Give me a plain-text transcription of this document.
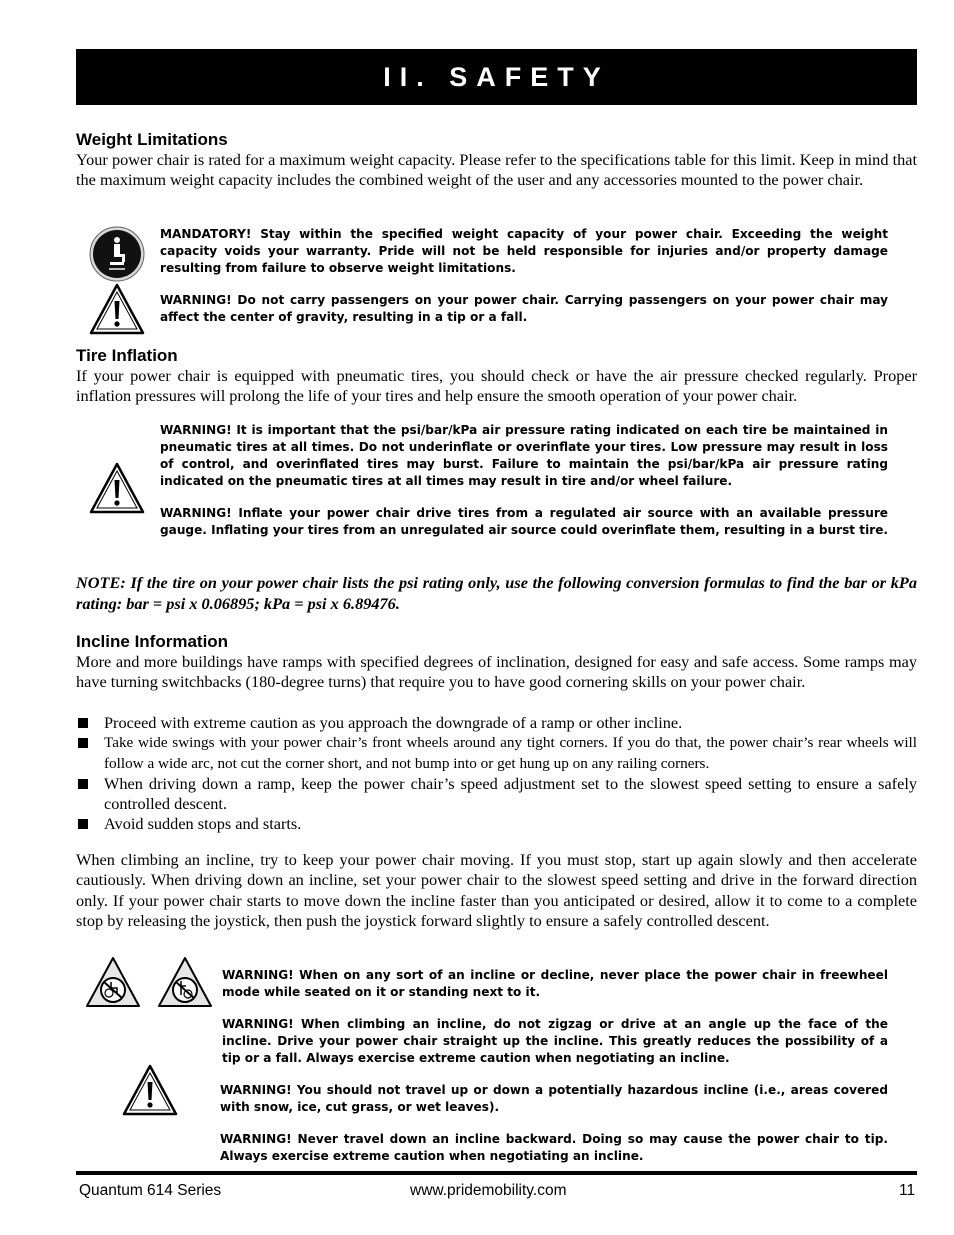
II. SAFETY
Weight Limitations

Your power chair is rated for a maximum weight capacity. Please refer to the specifications table for this limit. Keep in mind that the maximum weight capacity includes the combined weight of the user and any accessories mounted to the power chair.

MANDATORY! Stay within the specified weight capacity of your power chair. Exceeding the weight capacity voids your warranty. Pride will not be held responsible for injuries and/or property damage resulting from failure to observe weight limitations.

WARNING! Do not carry passengers on your power chair. Carrying passengers on your power chair may affect the center of gravity, resulting in a tip or a fall.

Tire Inflation

If your power chair is equipped with pneumatic tires, you should check or have the air pressure checked regularly. Proper inflation pressures will prolong the life of your tires and help ensure the smooth operation of your power chair.

WARNING! It is important that the psi/bar/kPa air pressure rating indicated on each tire be maintained in pneumatic tires at all times. Do not underinflate or overinflate your tires. Low pressure may result in loss of control, and overinflated tires may burst. Failure to maintain the psi/bar/kPa air pressure rating indicated on the pneumatic tires at all times may result in tire and/or wheel failure.

WARNING! Inflate your power chair drive tires from a regulated air source with an available pressure gauge. Inflating your tires from an unregulated air source could overinflate them, resulting in a burst tire.

NOTE: If the tire on your power chair lists the psi rating only, use the following conversion formulas to find the bar or kPa rating: bar = psi x 0.06895; kPa = psi x 6.89476.

Incline Information

More and more buildings have ramps with specified degrees of inclination, designed for easy and safe access. Some ramps may have turning switchbacks (180-degree turns) that require you to have good cornering skills on your power chair.

Proceed with extreme caution as you approach the downgrade of a ramp or other incline.
Take wide swings with your power chair’s front wheels around any tight corners. If you do that, the power chair’s rear wheels will follow a wide arc, not cut the corner short, and not bump into or get hung up on any railing corners.
When driving down a ramp, keep the power chair’s speed adjustment set to the slowest speed setting to ensure a safely controlled descent.
Avoid sudden stops and starts.

When climbing an incline, try to keep your power chair moving. If you must stop, start up again slowly and then accelerate cautiously. When driving down an incline, set your power chair to the slowest speed setting and drive in the forward direction only. If your power chair starts to move down the incline faster than you anticipated or desired, allow it to come to a complete stop by releasing the joystick, then push the joystick forward slightly to ensure a safely controlled descent.

WARNING! When on any sort of an incline or decline, never place the power chair in freewheel mode while seated on it or standing next to it.

WARNING! When climbing an incline, do not zigzag or drive at an angle up the face of the incline. Drive your power chair straight up the incline. This greatly reduces the possibility of a tip or a fall. Always exercise extreme caution when negotiating an incline.

WARNING! You should not travel up or down a potentially hazardous incline (i.e., areas covered with snow, ice, cut grass, or wet leaves).

WARNING! Never travel down an incline backward. Doing so may cause the power chair to tip. Always exercise extreme caution when negotiating an incline.

Quantum 614 Series	www.pridemobility.com	11
